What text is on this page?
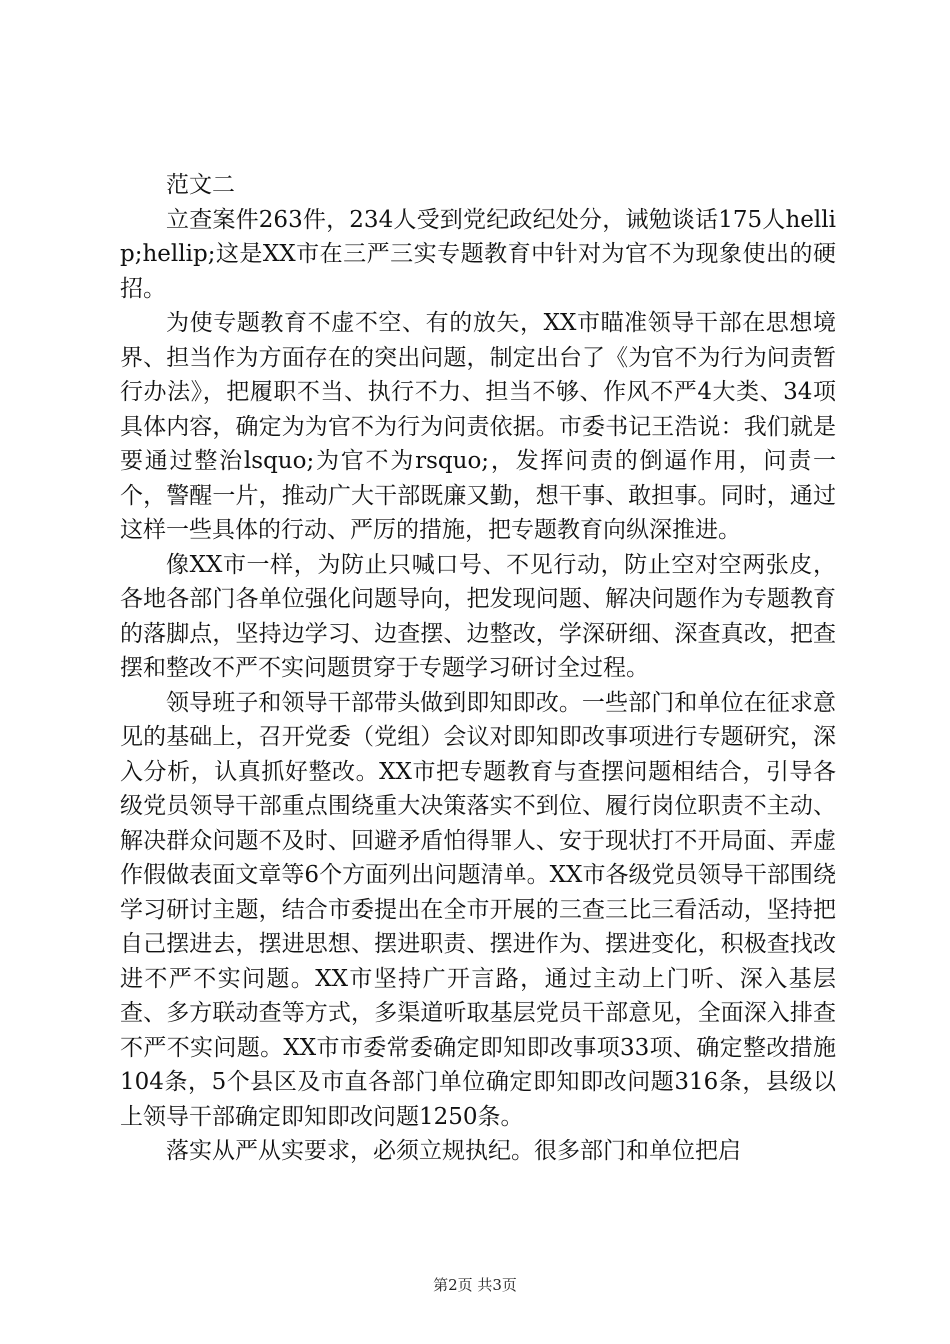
范文二

立查案件263件，234人受到党纪政纪处分，诫勉谈话175人hellip;hellip;这是XX市在三严三实专题教育中针对为官不为现象使出的硬招。

为使专题教育不虚不空、有的放矢，XX市瞄准领导干部在思想境界、担当作为方面存在的突出问题，制定出台了《为官不为行为问责暂行办法》，把履职不当、执行不力、担当不够、作风不严4大类、34项具体内容，确定为为官不为行为问责依据。市委书记王浩说：我们就是要通过整治lsquo;为官不为rsquo;，发挥问责的倒逼作用，问责一个，警醒一片，推动广大干部既廉又勤，想干事、敢担事。同时，通过这样一些具体的行动、严厉的措施，把专题教育向纵深推进。

像XX市一样，为防止只喊口号、不见行动，防止空对空两张皮，各地各部门各单位强化问题导向，把发现问题、解决问题作为专题教育的落脚点，坚持边学习、边查摆、边整改，学深研细、深查真改，把查摆和整改不严不实问题贯穿于专题学习研讨全过程。

领导班子和领导干部带头做到即知即改。一些部门和单位在征求意见的基础上，召开党委（党组）会议对即知即改事项进行专题研究，深入分析，认真抓好整改。XX市把专题教育与查摆问题相结合，引导各级党员领导干部重点围绕重大决策落实不到位、履行岗位职责不主动、解决群众问题不及时、回避矛盾怕得罪人、安于现状打不开局面、弄虚作假做表面文章等6个方面列出问题清单。XX市各级党员领导干部围绕学习研讨主题，结合市委提出在全市开展的三查三比三看活动，坚持把自己摆进去，摆进思想、摆进职责、摆进作为、摆进变化，积极查找改进不严不实问题。XX市坚持广开言路，通过主动上门听、深入基层查、多方联动查等方式，多渠道听取基层党员干部意见，全面深入排查不严不实问题。XX市市委常委确定即知即改事项33项、确定整改措施104条，5个县区及市直各部门单位确定即知即改问题316条，县级以上领导干部确定即知即改问题1250条。

落实从严从实要求，必须立规执纪。很多部门和单位把启

第2页 共3页
